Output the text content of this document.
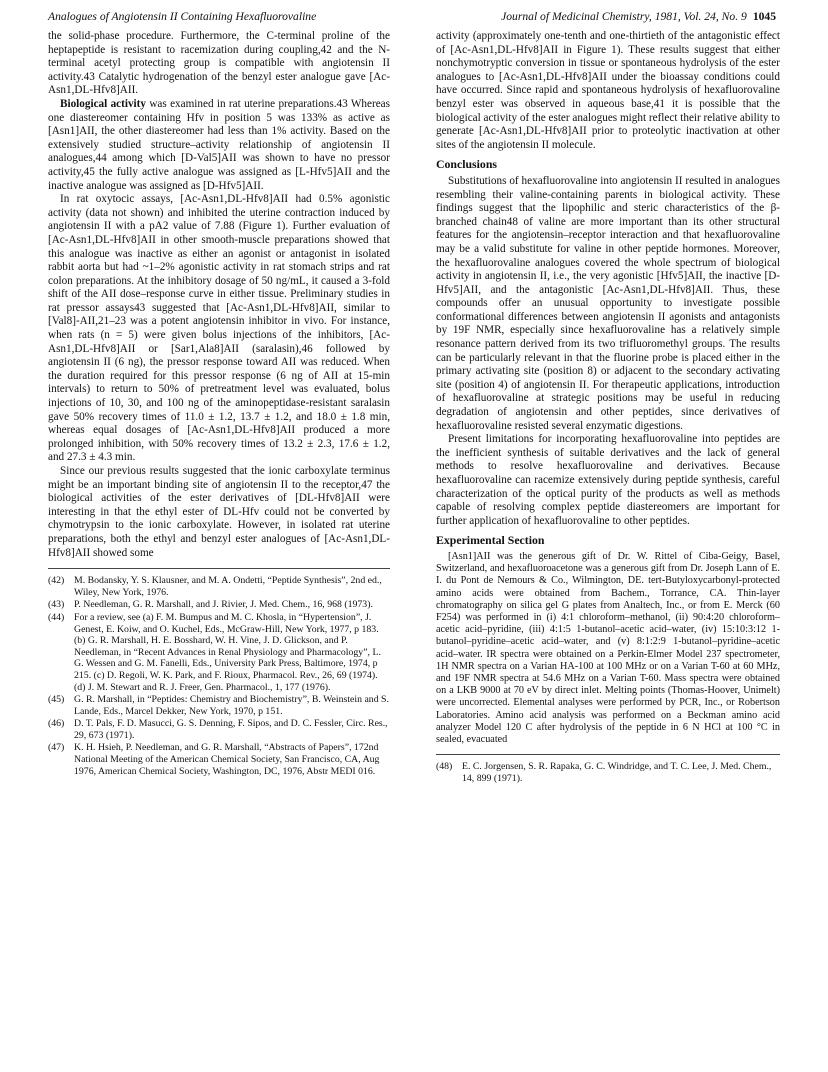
Analogues of Angiotensin II Containing Hexafluorovaline	Journal of Medicinal Chemistry, 1981, Vol. 24, No. 9 1045

the solid-phase procedure. Furthermore, the C-terminal proline of the heptapeptide is resistant to racemization during coupling,42 and the N-terminal acetyl protecting group is compatible with angiotensin II activity.43 Catalytic hydrogenation of the benzyl ester analogue gave [Ac-Asn1,DL-Hfv8]AII.

Biological activity was examined in rat uterine preparations.43 Whereas one diastereomer containing Hfv in position 5 was 133% as active as [Asn1]AII, the other diastereomer had less than 1% activity. Based on the extensively studied structure–activity relationship of angiotensin II analogues,44 among which [D-Val5]AII was shown to have no pressor activity,45 the fully active analogue was assigned as [L-Hfv5]AII and the inactive analogue was assigned as [D-Hfv5]AII.

In rat oxytocic assays, [Ac-Asn1,DL-Hfv8]AII had 0.5% agonistic activity (data not shown) and inhibited the uterine contraction induced by angiotensin II with a pA2 value of 7.88 (Figure 1). Further evaluation of [Ac-Asn1,DL-Hfv8]AII in other smooth-muscle preparations showed that this analogue was inactive as either an agonist or antagonist in isolated rabbit aorta but had ~1–2% agonistic activity in rat stomach strips and rat colon preparations. At the inhibitory dosage of 50 ng/mL, it caused a 3-fold shift of the AII dose–response curve in either tissue. Preliminary studies in rat pressor assays43 suggested that [Ac-Asn1,DL-Hfv8]AII, similar to [Val8]-AII,21–23 was a potent angiotensin inhibitor in vivo. For instance, when rats (n = 5) were given bolus injections of the inhibitors, [Ac-Asn1,DL-Hfv8]AII or [Sar1,Ala8]AII (saralasin),46 followed by angiotensin II (6 ng), the pressor response toward AII was reduced. When the duration required for this pressor response (6 ng of AII at 15-min intervals) to return to 50% of pretreatment level was evaluated, bolus injections of 10, 30, and 100 ng of the aminopeptidase-resistant saralasin gave 50% recovery times of 11.0 ± 1.2, 13.7 ± 1.2, and 18.0 ± 1.8 min, whereas equal dosages of [Ac-Asn1,DL-Hfv8]AII produced a more prolonged inhibition, with 50% recovery times of 13.2 ± 2.3, 17.6 ± 1.2, and 27.3 ± 4.3 min.

Since our previous results suggested that the ionic carboxylate terminus might be an important binding site of angiotensin II to the receptor,47 the biological activities of the ester derivatives of [DL-Hfv8]AII were interesting in that the ethyl ester of DL-Hfv could not be converted by chymotrypsin to the ionic carboxylate. However, in isolated rat uterine preparations, both the ethyl and benzyl ester analogues of [Ac-Asn1,DL-Hfv8]AII showed some

(42) M. Bodansky, Y. S. Klausner, and M. A. Ondetti, “Peptide Synthesis”, 2nd ed., Wiley, New York, 1976.
(43) P. Needleman, G. R. Marshall, and J. Rivier, J. Med. Chem., 16, 968 (1973).
(44) For a review, see (a) F. M. Bumpus and M. C. Khosla, in “Hypertension”, J. Genest, E. Koiw, and O. Kuchel, Eds., McGraw-Hill, New York, 1977, p 183. (b) G. R. Marshall, H. E. Bosshard, W. H. Vine, J. D. Glickson, and P. Needleman, in “Recent Advances in Renal Physiology and Pharmacology”, L. G. Wessen and G. M. Fanelli, Eds., University Park Press, Baltimore, 1974, p 215. (c) D. Regoli, W. K. Park, and F. Rioux, Pharmacol. Rev., 26, 69 (1974). (d) J. M. Stewart and R. J. Freer, Gen. Pharmacol., 1, 177 (1976).
(45) G. R. Marshall, in “Peptides: Chemistry and Biochemistry”, B. Weinstein and S. Lande, Eds., Marcel Dekker, New York, 1970, p 151.
(46) D. T. Pals, F. D. Masucci, G. S. Denning, F. Sipos, and D. C. Fessler, Circ. Res., 29, 673 (1971).
(47) K. H. Hsieh, P. Needleman, and G. R. Marshall, “Abstracts of Papers”, 172nd National Meeting of the American Chemical Society, San Francisco, CA, Aug 1976, American Chemical Society, Washington, DC, 1976, Abstr MEDI 016.

activity (approximately one-tenth and one-thirtieth of the antagonistic effect of [Ac-Asn1,DL-Hfv8]AII in Figure 1). These results suggest that either nonchymotryptic conversion in tissue or spontaneous hydrolysis of the ester analogues to [Ac-Asn1,DL-Hfv8]AII under the bioassay conditions could have occurred. Since rapid and spontaneous hydrolysis of hexafluorovaline benzyl ester was observed in aqueous base,41 it is possible that the biological activity of the ester analogues might reflect their relative ability to generate [Ac-Asn1,DL-Hfv8]AII prior to proteolytic inactivation at other sites of the angiotensin II molecule.

Conclusions

Substitutions of hexafluorovaline into angiotensin II resulted in analogues resembling their valine-containing parents in biological activity. These findings suggest that the lipophilic and steric characteristics of the β-branched chain48 of valine are more important than its other structural features for the angiotensin–receptor interaction and that hexafluorovaline may be a valid substitute for valine in other peptide hormones. Moreover, the hexafluorovaline analogues covered the whole spectrum of biological activity in angiotensin II, i.e., the very agonistic [Hfv5]AII, the inactive [D-Hfv5]AII, and the antagonistic [Ac-Asn1,DL-Hfv8]AII. Thus, these compounds offer an unusual opportunity to investigate possible conformational differences between angiotensin II agonists and antagonists by 19F NMR, especially since hexafluorovaline has a relatively simple resonance pattern derived from its two trifluoromethyl groups. The results can be particularly relevant in that the fluorine probe is placed either in the primary activating site (position 8) or adjacent to the secondary activating site (position 4) of angiotensin II. For therapeutic applications, introduction of hexafluorovaline at strategic positions may be useful in reducing degradation of angiotensin and other peptides, since derivatives of hexafluorovaline resisted several enzymatic digestions.

Present limitations for incorporating hexafluorovaline into peptides are the inefficient synthesis of suitable derivatives and the lack of general methods to resolve hexafluorovaline and derivatives. Because hexafluorovaline can racemize extensively during peptide synthesis, careful characterization of the optical purity of the products as well as methods capable of resolving complex peptide diastereomers are important for further application of hexafluorovaline to other peptides.

Experimental Section

[Asn1]AII was the generous gift of Dr. W. Rittel of Ciba-Geigy, Basel, Switzerland, and hexafluoroacetone was a generous gift from Dr. Joseph Lann of E. I. du Pont de Nemours & Co., Wilmington, DE. tert-Butyloxycarbonyl-protected amino acids were obtained from Bachem., Torrance, CA. Thin-layer chromatography on silica gel G plates from Analtech, Inc., or from E. Merck (60 F254) was performed in (i) 4:1 chloroform–methanol, (ii) 90:4:20 chloroform–acetic acid–pyridine, (iii) 4:1:5 1-butanol–acetic acid–water, (iv) 15:10:3:12 1-butanol–pyridine–acetic acid–water, and (v) 8:1:2:9 1-butanol–pyridine–acetic acid–water. IR spectra were obtained on a Perkin-Elmer Model 237 spectrometer, 1H NMR spectra on a Varian HA-100 at 100 MHz or on a Varian T-60 at 60 MHz, and 19F NMR spectra at 54.6 MHz on a Varian T-60. Mass spectra were obtained on a LKB 9000 at 70 eV by direct inlet. Melting points (Thomas-Hoover, Unimelt) were uncorrected. Elemental analyses were performed by PCR, Inc., or Robertson Laboratories. Amino acid analysis was performed on a Beckman amino acid analyzer Model 120 C after hydrolysis of the peptide in 6 N HCl at 100 °C in sealed, evacuated

(48) E. C. Jorgensen, S. R. Rapaka, G. C. Windridge, and T. C. Lee, J. Med. Chem., 14, 899 (1971).
